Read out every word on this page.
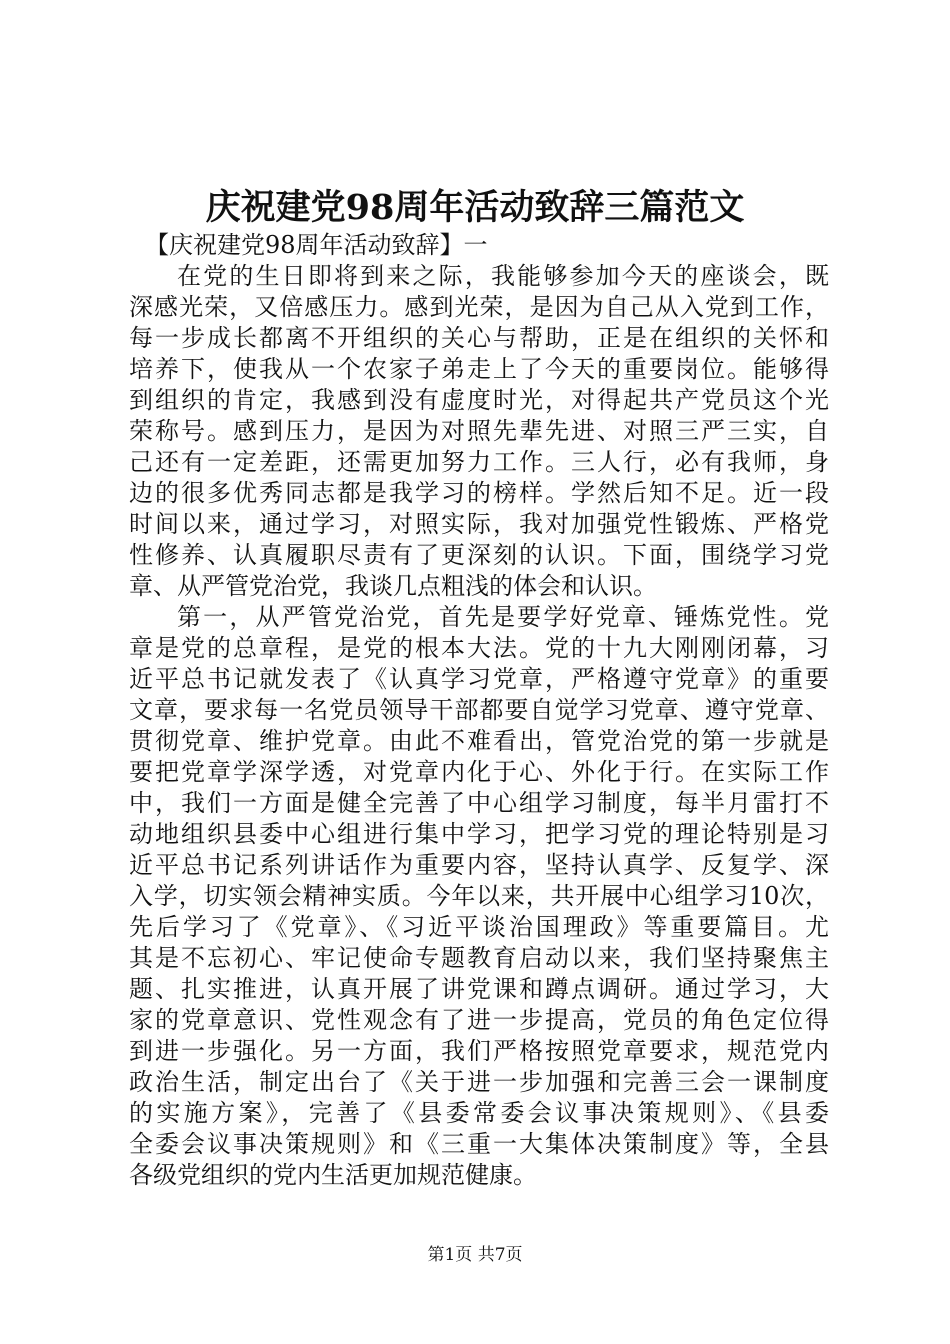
庆祝建党98周年活动致辞三篇范文
【庆祝建党98周年活动致辞】一
在党的生日即将到来之际，我能够参加今天的座谈会，既
深感光荣，又倍感压力。感到光荣，是因为自己从入党到工作，
每一步成长都离不开组织的关心与帮助，正是在组织的关怀和
培养下，使我从一个农家子弟走上了今天的重要岗位。能够得
到组织的肯定，我感到没有虚度时光，对得起共产党员这个光
荣称号。感到压力，是因为对照先辈先进、对照三严三实，自
己还有一定差距，还需更加努力工作。三人行，必有我师，身
边的很多优秀同志都是我学习的榜样。学然后知不足。近一段
时间以来，通过学习，对照实际，我对加强党性锻炼、严格党
性修养、认真履职尽责有了更深刻的认识。下面，围绕学习党
章、从严管党治党，我谈几点粗浅的体会和认识。
第一，从严管党治党，首先是要学好党章、锤炼党性。党
章是党的总章程，是党的根本大法。党的十九大刚刚闭幕，习
近平总书记就发表了《认真学习党章，严格遵守党章》的重要
文章，要求每一名党员领导干部都要自觉学习党章、遵守党章、
贯彻党章、维护党章。由此不难看出，管党治党的第一步就是
要把党章学深学透，对党章内化于心、外化于行。在实际工作
中，我们一方面是健全完善了中心组学习制度，每半月雷打不
动地组织县委中心组进行集中学习，把学习党的理论特别是习
近平总书记系列讲话作为重要内容，坚持认真学、反复学、深
入学，切实领会精神实质。今年以来，共开展中心组学习10次，
先后学习了《党章》、《习近平谈治国理政》等重要篇目。尤
其是不忘初心、牢记使命专题教育启动以来，我们坚持聚焦主
题、扎实推进，认真开展了讲党课和蹲点调研。通过学习，大
家的党章意识、党性观念有了进一步提高，党员的角色定位得
到进一步强化。另一方面，我们严格按照党章要求，规范党内
政治生活，制定出台了《关于进一步加强和完善三会一课制度
的实施方案》，完善了《县委常委会议事决策规则》、《县委
全委会议事决策规则》和《三重一大集体决策制度》等，全县
各级党组织的党内生活更加规范健康。
第1页 共7页
